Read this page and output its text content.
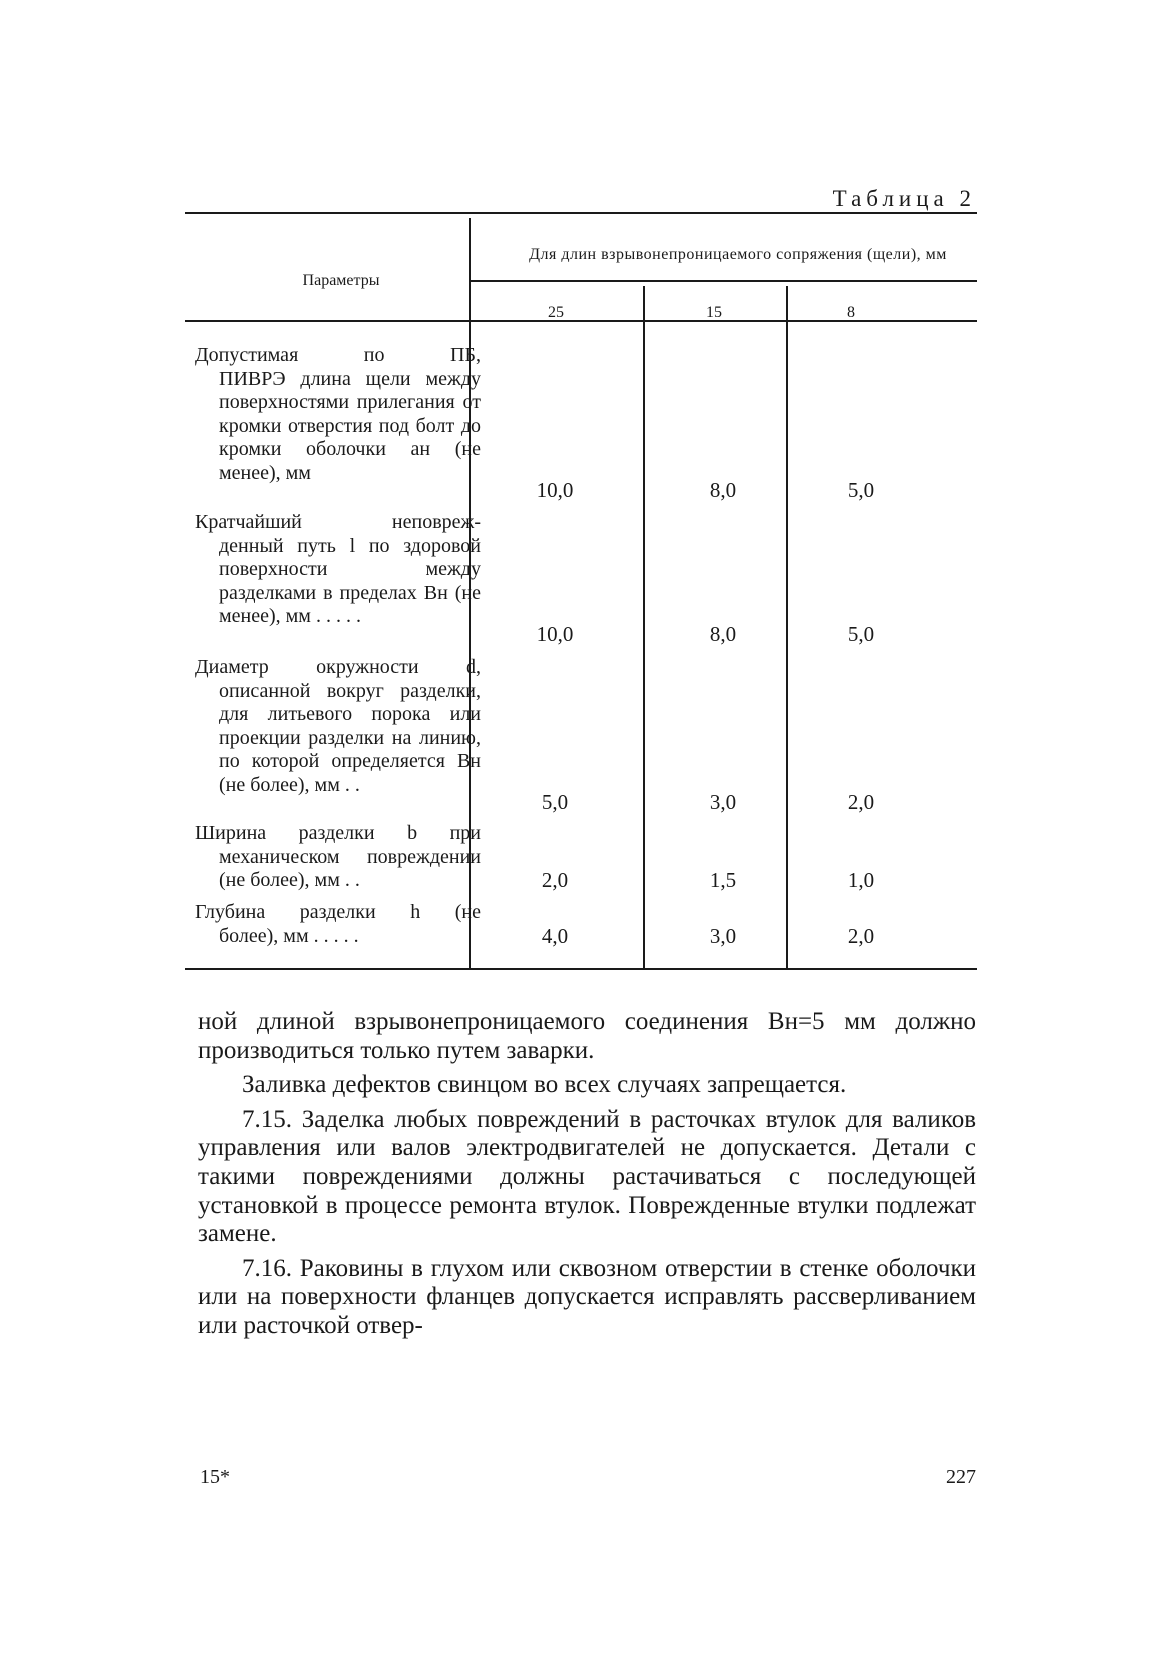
Таблица 2
Параметры
Для длин взрывонепроницаемого сопряжения (щели), мм
25	15	8
Допустимая по ПБ,
ПИВРЭ длина щели между поверхностями прилегания от кромки отверстия под болт до кромки оболочки aн (не менее), мм
10,0	8,0	5,0
Кратчайший неповреж-
денный путь l по здоровой поверхности между разделками в пределах Bн (не менее), мм . . . . .
10,0	8,0	5,0
Диаметр окружности d,
описанной вокруг разделки, для литьевого порока или проекции разделки на линию, по которой определяется Bн (не более), мм . .
5,0	3,0	2,0
Ширина разделки b при
механическом повреждении (не более), мм . .	2,0	1,5	1,0
Глубина разделки h (не
более), мм . . . . .	4,0	3,0	2,0

ной длиной взрывонепроницаемого соединения Bн=5 мм должно производиться только путем заварки.

Заливка дефектов свинцом во всех случаях запрещается.

7.15. Заделка любых повреждений в расточках втулок для валиков управления или валов электродвигателей не допускается. Детали с такими повреждениями должны растачиваться с последующей установкой в процессе ремонта втулок. Поврежденные втулки подлежат замене.

7.16. Раковины в глухом или сквозном отверстии в стенке оболочки или на поверхности фланцев допускается исправлять рассверливанием или расточкой отвер-

15*	227
